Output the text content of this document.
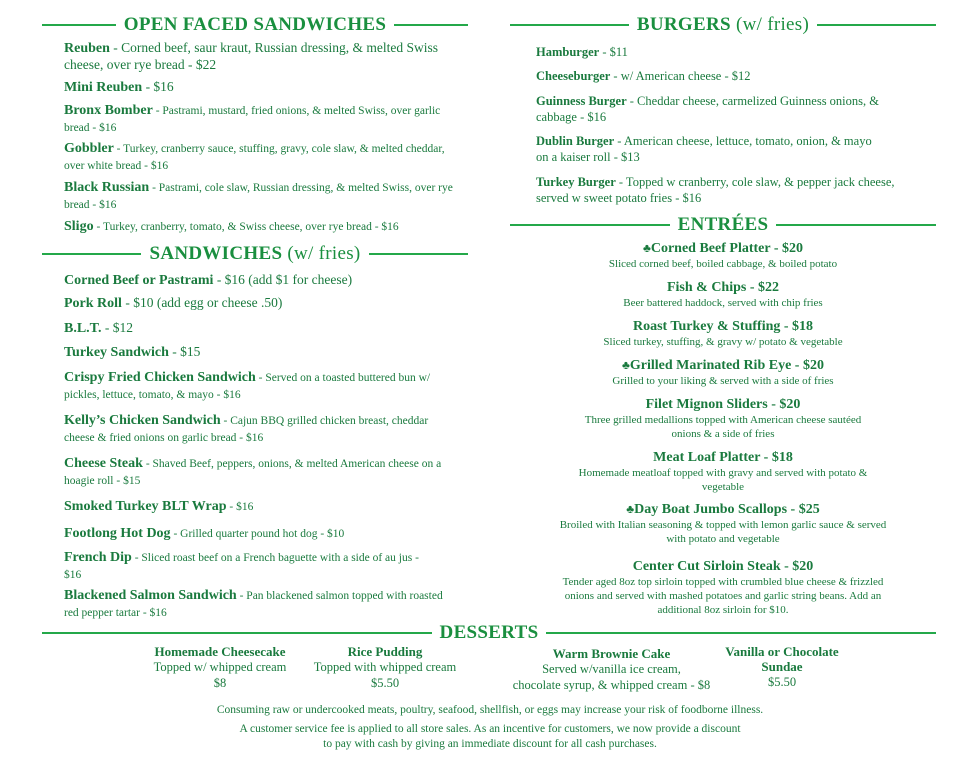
OPEN FACED SANDWICHES	BURGERS (w/ fries)
SANDWICHES (w/ fries)
ENTRÉES
DESSERTS
Reuben - Corned beef, saur kraut, Russian dressing, & melted Swiss cheese, over rye bread - $22
Mini Reuben - $16
Bronx Bomber - Pastrami, mustard, fried onions, & melted Swiss, over garlic bread - $16
Gobbler - Turkey, cranberry sauce, stuffing, gravy, cole slaw, & melted cheddar, over white bread - $16
Black Russian - Pastrami, cole slaw, Russian dressing, & melted Swiss, over rye bread - $16
Sligo - Turkey, cranberry, tomato, & Swiss cheese, over rye bread - $16
Corned Beef or Pastrami - $16 (add $1 for cheese)
Pork Roll - $10 (add egg or cheese .50)
B.L.T. - $12
Turkey Sandwich - $15
Crispy Fried Chicken Sandwich - Served on a toasted buttered bun w/ pickles, lettuce, tomato, & mayo - $16
Kelly’s Chicken Sandwich - Cajun BBQ grilled chicken breast, cheddar cheese & fried onions on garlic bread - $16
Cheese Steak - Shaved Beef, peppers, onions, & melted American cheese on a hoagie roll - $15
Smoked Turkey BLT Wrap - $16
Footlong Hot Dog - Grilled quarter pound hot dog - $10
French Dip - Sliced roast beef on a French baguette with a side of au jus - $16
Blackened Salmon Sandwich - Pan blackened salmon topped with roasted red pepper tartar - $16
Hamburger - $11
Cheeseburger - w/ American cheese - $12
Guinness Burger - Cheddar cheese, carmelized Guinness onions, & cabbage - $16
Dublin Burger - American cheese, lettuce, tomato, onion, & mayo on a kaiser roll - $13
Turkey Burger - Topped w cranberry, cole slaw, & pepper jack cheese, served w sweet potato fries - $16
♣Corned Beef Platter - $20
Sliced corned beef, boiled cabbage, & boiled potato
Fish & Chips - $22
Beer battered haddock, served with chip fries
Roast Turkey & Stuffing - $18
Sliced turkey, stuffing, & gravy w/ potato & vegetable
♣Grilled Marinated Rib Eye - $20
Grilled to your liking & served with a side of fries
Filet Mignon Sliders - $20
Three grilled medallions topped with American cheese sautéed onions & a side of fries
Meat Loaf Platter - $18
Homemade meatloaf topped with gravy and served with potato & vegetable
♣Day Boat Jumbo Scallops - $25
Broiled with Italian seasoning & topped with lemon garlic sauce & served with potato and vegetable
Center Cut Sirloin Steak - $20
Tender aged 8oz top sirloin topped with crumbled blue cheese & frizzled onions and served with mashed potatoes and garlic string beans. Add an additional 8oz sirloin for $10.
Homemade Cheesecake
Topped w/ whipped cream
$8
Rice Pudding
Topped with whipped cream
$5.50
Warm Brownie Cake
Served w/vanilla ice cream,
chocolate syrup, & whipped cream - $8
Vanilla or Chocolate Sundae
$5.50
Consuming raw or undercooked meats, poultry, seafood, shellfish, or eggs may increase your risk of foodborne illness.
A customer service fee is applied to all store sales. As an incentive for customers, we now provide a discount
to pay with cash by giving an immediate discount for all cash purchases.
